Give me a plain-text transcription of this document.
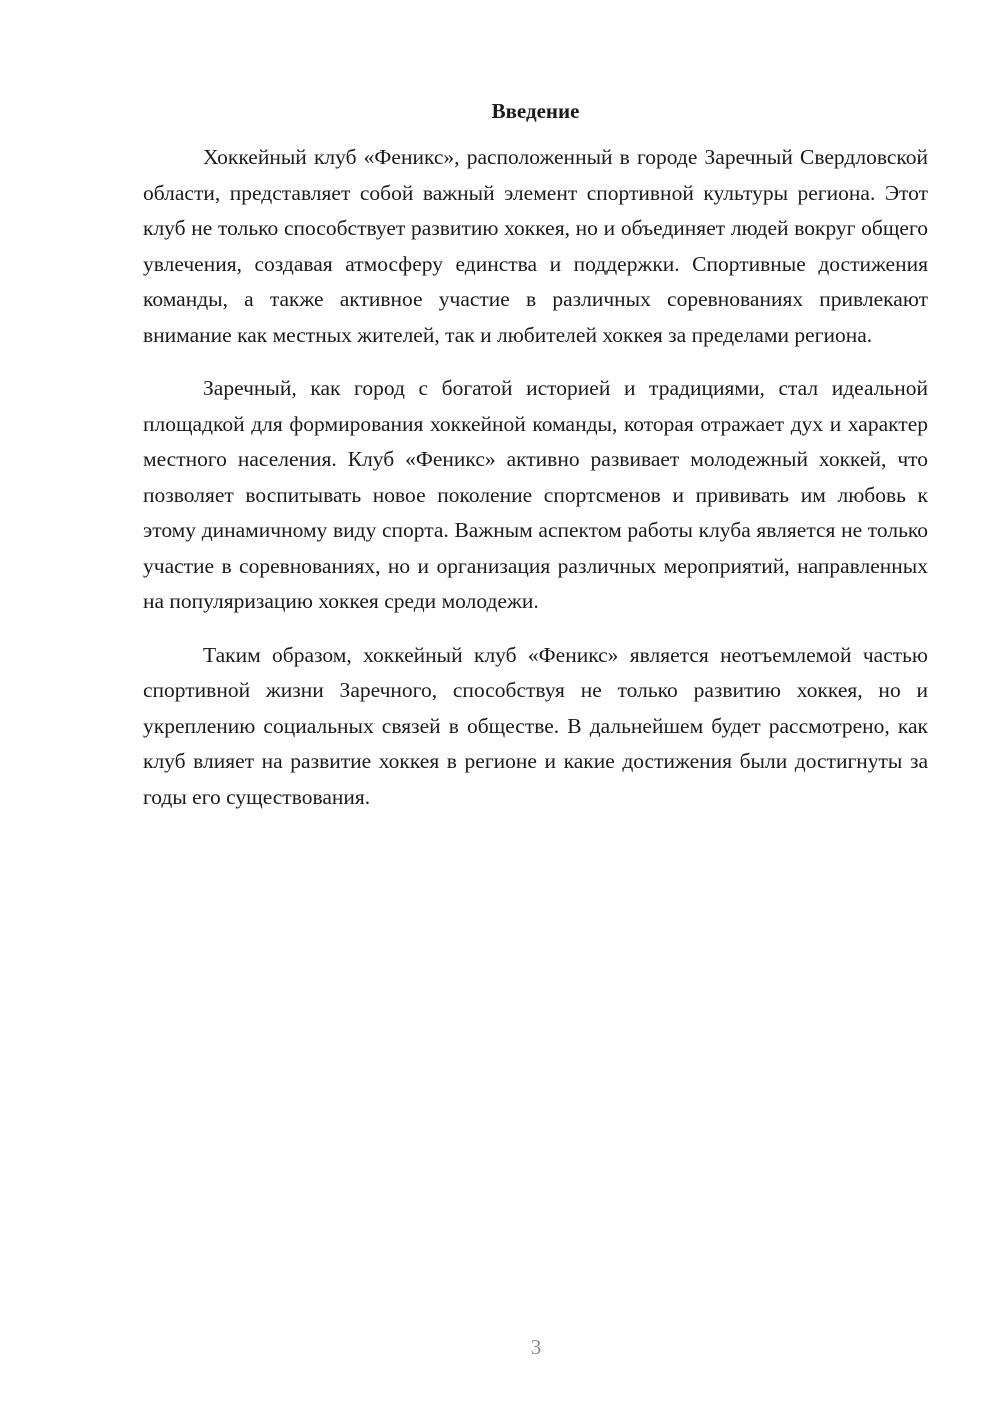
Введение

Хоккейный клуб «Феникс», расположенный в городе Заречный Свердловской области, представляет собой важный элемент спортивной культуры региона. Этот клуб не только способствует развитию хоккея, но и объединяет людей вокруг общего увлечения, создавая атмосферу единства и поддержки. Спортивные достижения команды, а также активное участие в различных соревнованиях привлекают внимание как местных жителей, так и любителей хоккея за пределами региона.

Заречный, как город с богатой историей и традициями, стал идеальной площадкой для формирования хоккейной команды, которая отражает дух и характер местного населения. Клуб «Феникс» активно развивает молодежный хоккей, что позволяет воспитывать новое поколение спортсменов и прививать им любовь к этому динамичному виду спорта. Важным аспектом работы клуба является не только участие в соревнованиях, но и организация различных мероприятий, направленных на популяризацию хоккея среди молодежи.

Таким образом, хоккейный клуб «Феникс» является неотъемлемой частью спортивной жизни Заречного, способствуя не только развитию хоккея, но и укреплению социальных связей в обществе. В дальнейшем будет рассмотрено, как клуб влияет на развитие хоккея в регионе и какие достижения были достигнуты за годы его существования.

3
